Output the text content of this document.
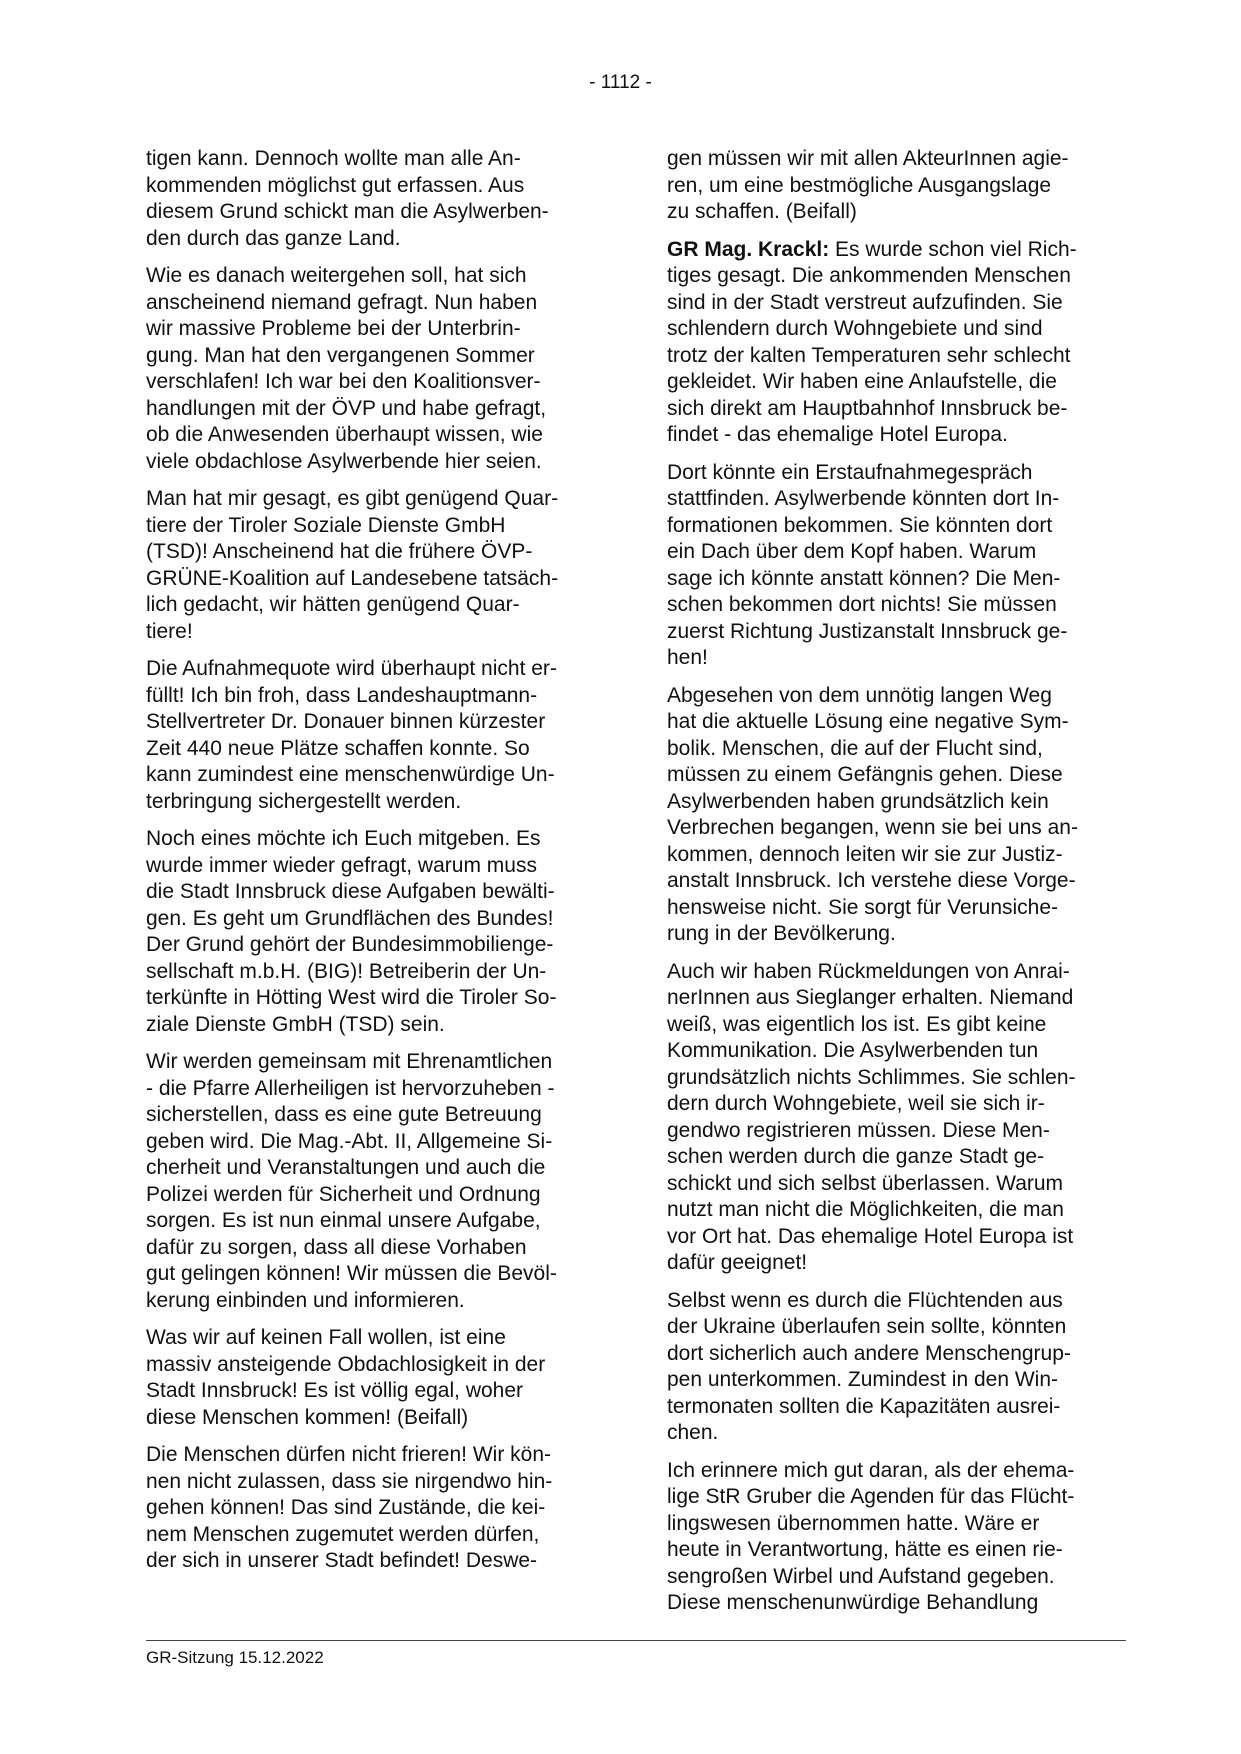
- 1112 -

tigen kann. Dennoch wollte man alle An-
kommenden möglichst gut erfassen. Aus
diesem Grund schickt man die Asylwerben-
den durch das ganze Land.

Wie es danach weitergehen soll, hat sich
anscheinend niemand gefragt. Nun haben
wir massive Probleme bei der Unterbrin-
gung. Man hat den vergangenen Sommer
verschlafen! Ich war bei den Koalitionsver-
handlungen mit der ÖVP und habe gefragt,
ob die Anwesenden überhaupt wissen, wie
viele obdachlose Asylwerbende hier seien.

Man hat mir gesagt, es gibt genügend Quar-
tiere der Tiroler Soziale Dienste GmbH
(TSD)! Anscheinend hat die frühere ÖVP-
GRÜNE-Koalition auf Landesebene tatsäch-
lich gedacht, wir hätten genügend Quar-
tiere!

Die Aufnahmequote wird überhaupt nicht er-
füllt! Ich bin froh, dass Landeshauptmann-
Stellvertreter Dr. Donauer binnen kürzester
Zeit 440 neue Plätze schaffen konnte. So
kann zumindest eine menschenwürdige Un-
terbringung sichergestellt werden.

Noch eines möchte ich Euch mitgeben. Es
wurde immer wieder gefragt, warum muss
die Stadt Innsbruck diese Aufgaben bewälti-
gen. Es geht um Grundflächen des Bundes!
Der Grund gehört der Bundesimmobilienge-
sellschaft m.b.H. (BIG)! Betreiberin der Un-
terkünfte in Hötting West wird die Tiroler So-
ziale Dienste GmbH (TSD) sein.

Wir werden gemeinsam mit Ehrenamtlichen
- die Pfarre Allerheiligen ist hervorzuheben -
sicherstellen, dass es eine gute Betreuung
geben wird. Die Mag.-Abt. II, Allgemeine Si-
cherheit und Veranstaltungen und auch die
Polizei werden für Sicherheit und Ordnung
sorgen. Es ist nun einmal unsere Aufgabe,
dafür zu sorgen, dass all diese Vorhaben
gut gelingen können! Wir müssen die Bevöl-
kerung einbinden und informieren.

Was wir auf keinen Fall wollen, ist eine
massiv ansteigende Obdachlosigkeit in der
Stadt Innsbruck! Es ist völlig egal, woher
diese Menschen kommen! (Beifall)

Die Menschen dürfen nicht frieren! Wir kön-
nen nicht zulassen, dass sie nirgendwo hin-
gehen können! Das sind Zustände, die kei-
nem Menschen zugemutet werden dürfen,
der sich in unserer Stadt befindet! Deswe-

gen müssen wir mit allen AkteurInnen agie-
ren, um eine bestmögliche Ausgangslage
zu schaffen. (Beifall)

GR Mag. Krackl: Es wurde schon viel Rich-
tiges gesagt. Die ankommenden Menschen
sind in der Stadt verstreut aufzufinden. Sie
schlendern durch Wohngebiete und sind
trotz der kalten Temperaturen sehr schlecht
gekleidet. Wir haben eine Anlaufstelle, die
sich direkt am Hauptbahnhof Innsbruck be-
findet - das ehemalige Hotel Europa.

Dort könnte ein Erstaufnahmegespräch
stattfinden. Asylwerbende könnten dort In-
formationen bekommen. Sie könnten dort
ein Dach über dem Kopf haben. Warum
sage ich könnte anstatt können? Die Men-
schen bekommen dort nichts! Sie müssen
zuerst Richtung Justizanstalt Innsbruck ge-
hen!

Abgesehen von dem unnötig langen Weg
hat die aktuelle Lösung eine negative Sym-
bolik. Menschen, die auf der Flucht sind,
müssen zu einem Gefängnis gehen. Diese
Asylwerbenden haben grundsätzlich kein
Verbrechen begangen, wenn sie bei uns an-
kommen, dennoch leiten wir sie zur Justiz-
anstalt Innsbruck. Ich verstehe diese Vorge-
hensweise nicht. Sie sorgt für Verunsiche-
rung in der Bevölkerung.

Auch wir haben Rückmeldungen von Anrai-
nerInnen aus Sieglanger erhalten. Niemand
weiß, was eigentlich los ist. Es gibt keine
Kommunikation. Die Asylwerbenden tun
grundsätzlich nichts Schlimmes. Sie schlen-
dern durch Wohngebiete, weil sie sich ir-
gendwo registrieren müssen. Diese Men-
schen werden durch die ganze Stadt ge-
schickt und sich selbst überlassen. Warum
nutzt man nicht die Möglichkeiten, die man
vor Ort hat. Das ehemalige Hotel Europa ist
dafür geeignet!

Selbst wenn es durch die Flüchtenden aus
der Ukraine überlaufen sein sollte, könnten
dort sicherlich auch andere Menschengrup-
pen unterkommen. Zumindest in den Win-
termonaten sollten die Kapazitäten ausrei-
chen.

Ich erinnere mich gut daran, als der ehema-
lige StR Gruber die Agenden für das Flücht-
lingswesen übernommen hatte. Wäre er
heute in Verantwortung, hätte es einen rie-
sengroßen Wirbel und Aufstand gegeben.
Diese menschenunwürdige Behandlung

GR-Sitzung 15.12.2022
